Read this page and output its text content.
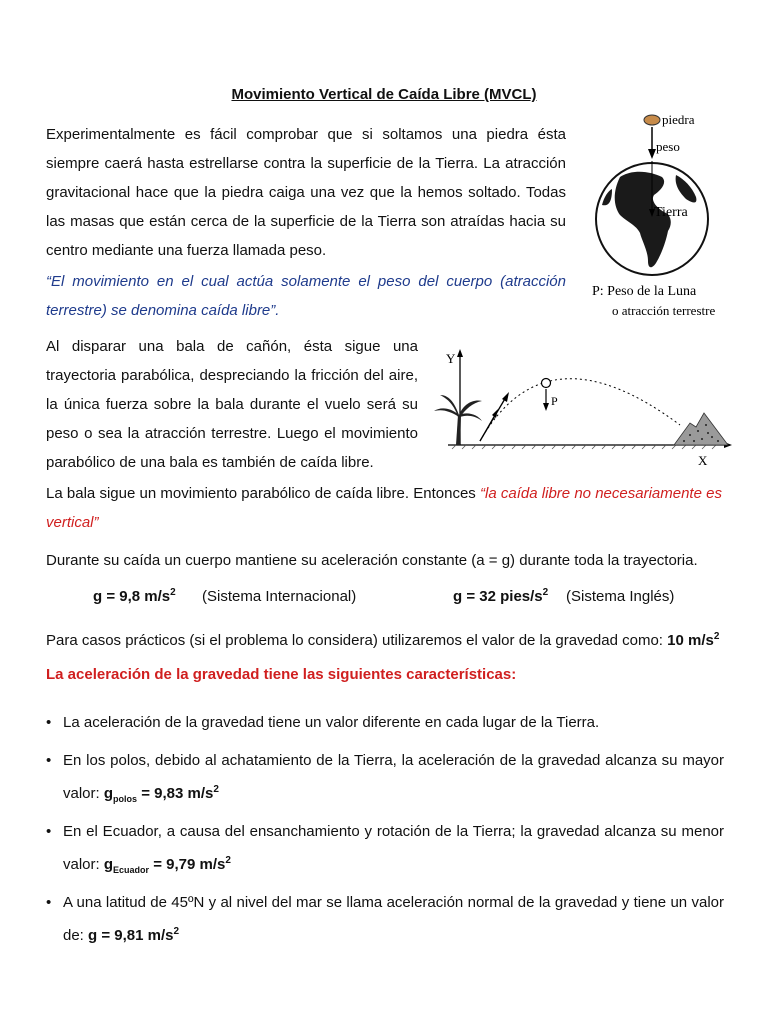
Movimiento Vertical de Caída Libre (MVCL)
Experimentalmente es fácil comprobar que si soltamos una piedra ésta siempre caerá hasta estrellarse contra la superficie de la Tierra. La atracción gravitacional hace que la piedra caiga una vez que la hemos soltado. Todas las masas que están cerca de la superficie de la Tierra son atraídas hacia su centro mediante una fuerza llamada peso.
“El movimiento en el cual actúa solamente el peso del cuerpo (atracción terrestre) se denomina caída libre”.
piedra
peso
Tierra
P: Peso de la Luna
o atracción terrestre
Al disparar una bala de cañón, ésta sigue una trayectoria parabólica, despreciando la fricción del aire, la única fuerza sobre la bala durante el vuelo será su peso o sea la atracción terrestre. Luego el movimiento parabólico de una bala es también de caída libre.
Y
X
P
La bala sigue un movimiento parabólico de caída libre. Entonces “la caída libre no necesariamente es vertical”
Durante su caída un cuerpo mantiene su aceleración constante (a = g) durante toda la trayectoria.
g = 9,8 $m/s^2$ (Sistema Internacional)	g = 32 pies/$s^2$ (Sistema Inglés)
Para casos prácticos (si el problema lo considera) utilizaremos el valor de la gravedad como: 10 $m/s^2$
La aceleración de la gravedad tiene las siguientes características:
• La aceleración de la gravedad tiene un valor diferente en cada lugar de la Tierra.
• En los polos, debido al achatamiento de la Tierra, la aceleración de la gravedad alcanza su mayor valor: $g_{polos} = 9,83$ $m/s^2$
• En el Ecuador, a causa del ensanchamiento y rotación de la Tierra; la gravedad alcanza su menor valor: $g_{Ecuador} = 9,79$ $m/s^2$
• A una latitud de 45ºN y al nivel del mar se llama aceleración normal de la gravedad y tiene un valor de: g = 9,81 $m/s^2$
